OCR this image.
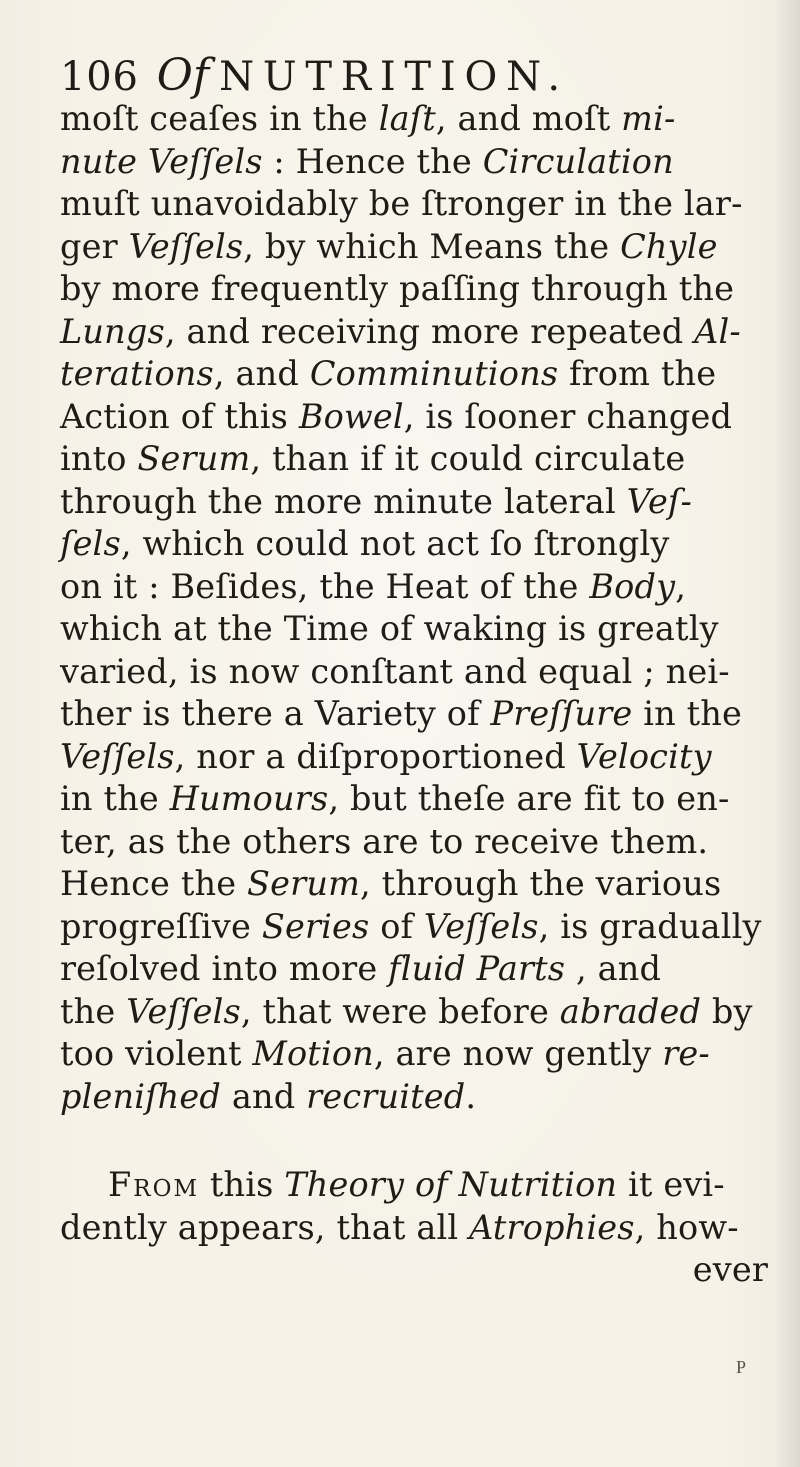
106 Of NUTRITION.
moſt ceaſes in the laſt, and moſt mi-
nute Veſſels : Hence the Circulation
muſt unavoidably be ſtronger in the lar-
ger Veſſels, by which Means the Chyle
by more frequently paſſing through the
Lungs, and receiving more repeated Al-
terations, and Comminutions from the
Action of this Bowel, is ſooner changed
into Serum, than if it could circulate
through the more minute lateral Veſ-
ſels, which could not act ſo ſtrongly
on it : Beſides, the Heat of the Body,
which at the Time of waking is greatly
varied, is now conſtant and equal ; nei-
ther is there a Variety of Preſſure in the
Veſſels, nor a diſproportioned Velocity
in the Humours, but theſe are fit to en-
ter, as the others are to receive them.
Hence the Serum, through the various
progreſſive Series of Veſſels, is gradually
reſolved into more fluid Parts , and
the Veſſels, that were before abraded by
too violent Motion, are now gently re-
pleniſhed and recruited.
From this Theory of Nutrition it evi-
dently appears, that all Atrophies, how-
ever
P
